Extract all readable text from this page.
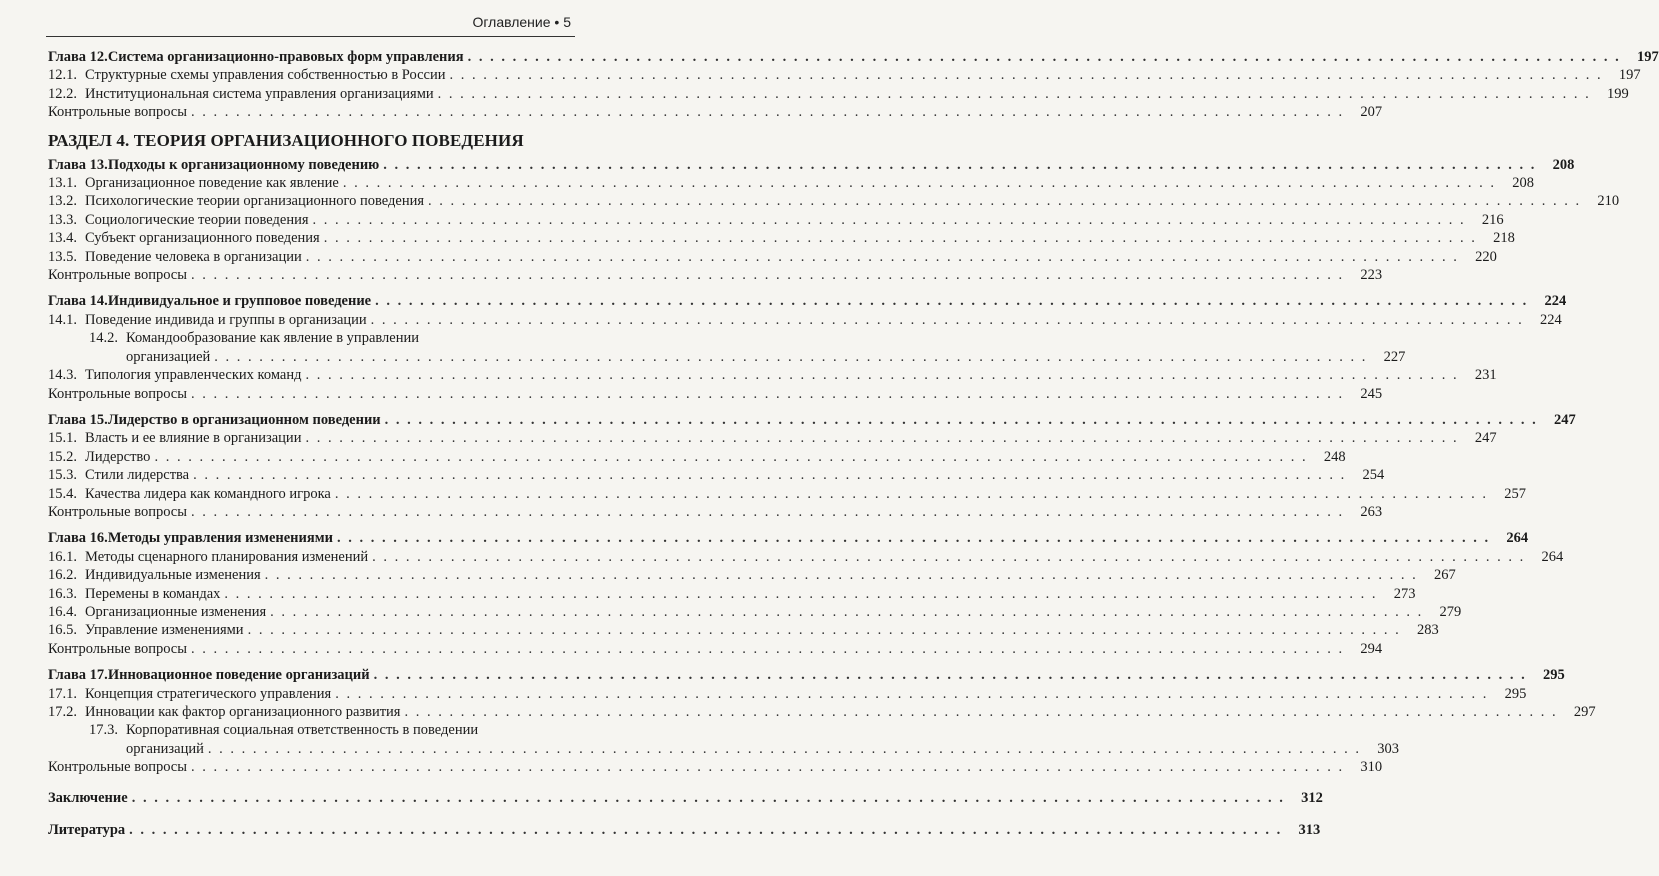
Оглавление • 5
Глава 12. Система организационно-правовых форм управления . . .	197
12.1. Структурные схемы управления собственностью в России . . .	197
12.2. Институциональная система управления организациями . . .	199
Контрольные вопросы . . .	207
РАЗДЕЛ 4. ТЕОРИЯ ОРГАНИЗАЦИОННОГО ПОВЕДЕНИЯ
Глава 13. Подходы к организационному поведению . . .	208
13.1. Организационное поведение как явление . . .	208
13.2. Психологические теории организационного поведения . . .	210
13.3. Социологические теории поведения . . .	216
13.4. Субъект организационного поведения . . .	218
13.5. Поведение человека в организации . . .	220
Контрольные вопросы . . .	223
Глава 14. Индивидуальное и групповое поведение . . .	224
14.1. Поведение индивида и группы в организации . . .	224
14.2. Командообразование как явление в управлении
организацией . . .	227
14.3. Типология управленческих команд . . .	231
Контрольные вопросы . . .	245
Глава 15. Лидерство в организационном поведении . . .	247
15.1. Власть и ее влияние в организации . . .	247
15.2. Лидерство . . .	248
15.3. Стили лидерства . . .	254
15.4. Качества лидера как командного игрока . . .	257
Контрольные вопросы . . .	263
Глава 16. Методы управления изменениями . . .	264
16.1. Методы сценарного планирования изменений . . .	264
16.2. Индивидуальные изменения . . .	267
16.3. Перемены в командах . . .	273
16.4. Организационные изменения . . .	279
16.5. Управление изменениями . . .	283
Контрольные вопросы . . .	294
Глава 17. Инновационное поведение организаций . . .	295
17.1. Концепция стратегического управления . . .	295
17.2. Инновации как фактор организационного развития . . .	297
17.3. Корпоративная социальная ответственность в поведении
организаций . . .	303
Контрольные вопросы . . .	310
Заключение . . .	312
Литература . . .	313
